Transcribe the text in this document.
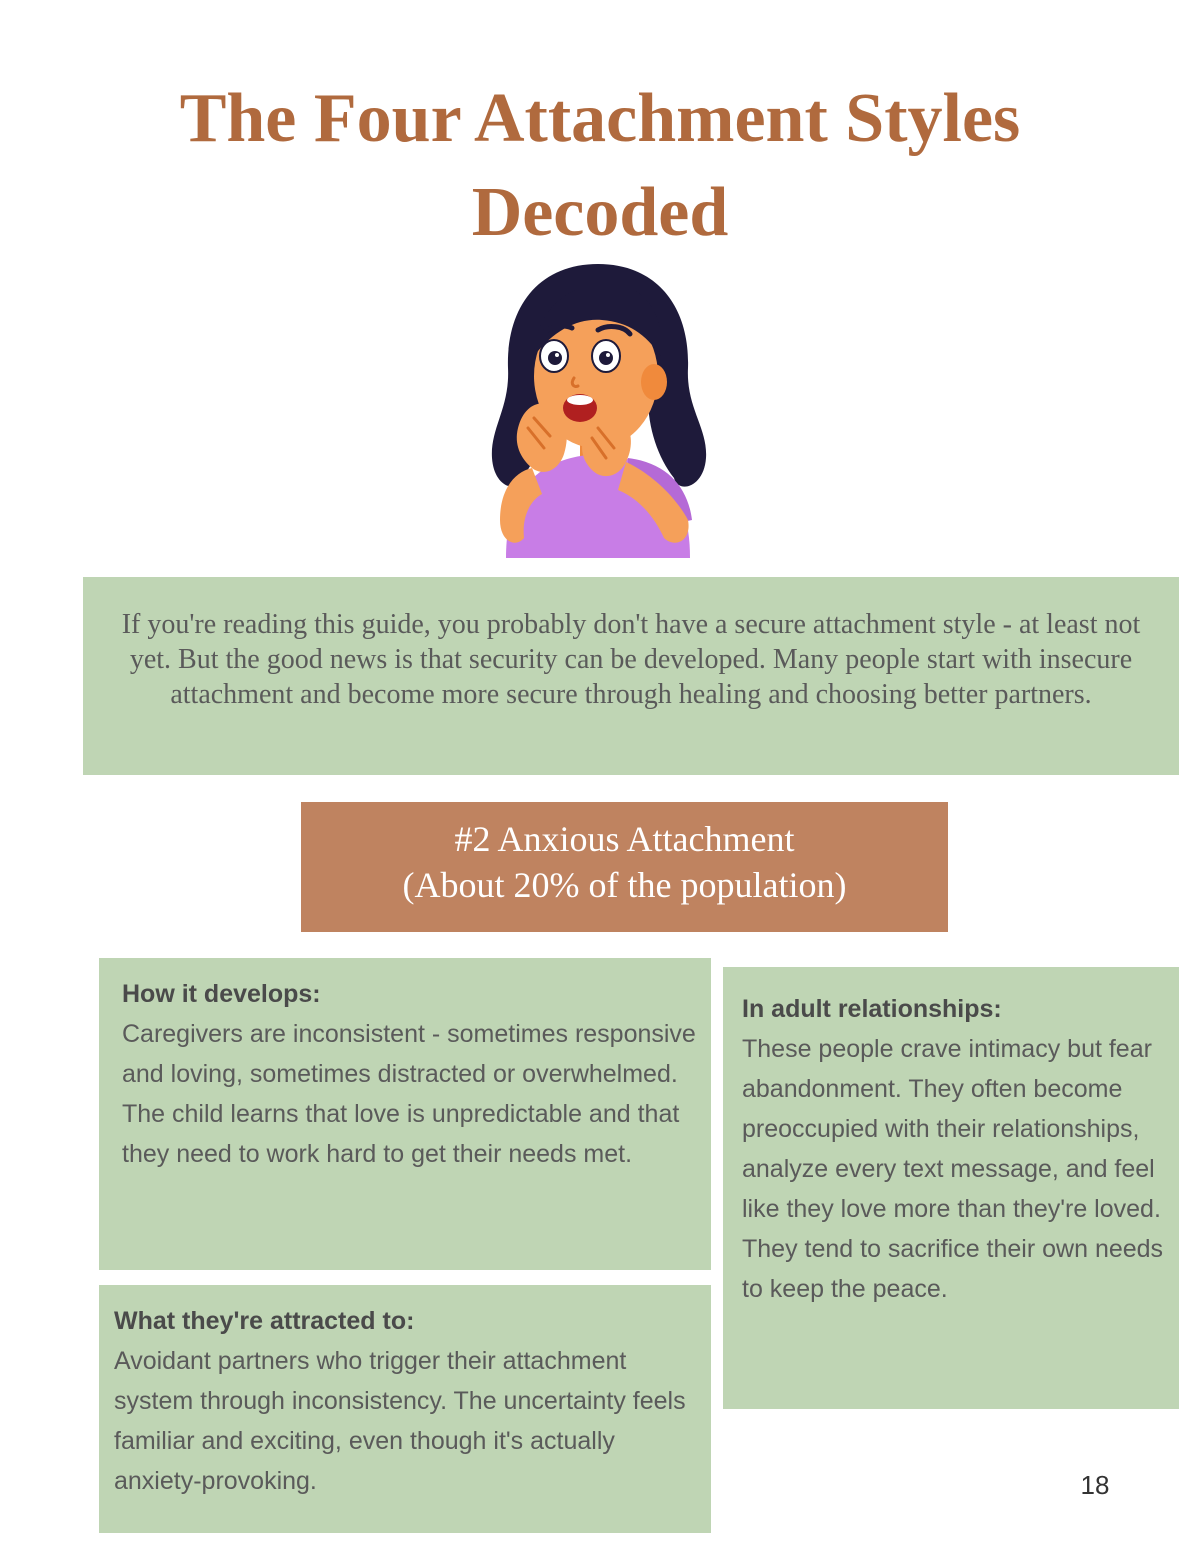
The Four Attachment Styles
Decoded

If you're reading this guide, you probably don't have a secure attachment style - at least not yet. But the good news is that security can be developed. Many people start with insecure attachment and become more secure through healing and choosing better partners.

#2 Anxious Attachment
(About 20% of the population)
How it develops:

Caregivers are inconsistent - sometimes responsive and loving, sometimes distracted or overwhelmed. The child learns that love is unpredictable and that they need to work hard to get their needs met.

What they're attracted to:

Avoidant partners who trigger their attachment system through inconsistency. The uncertainty feels familiar and exciting, even though it's actually anxiety-provoking.

In adult relationships:

These people crave intimacy but fear abandonment. They often become preoccupied with their relationships, analyze every text message, and feel like they love more than they're loved. They tend to sacrifice their own needs to keep the peace.

18
